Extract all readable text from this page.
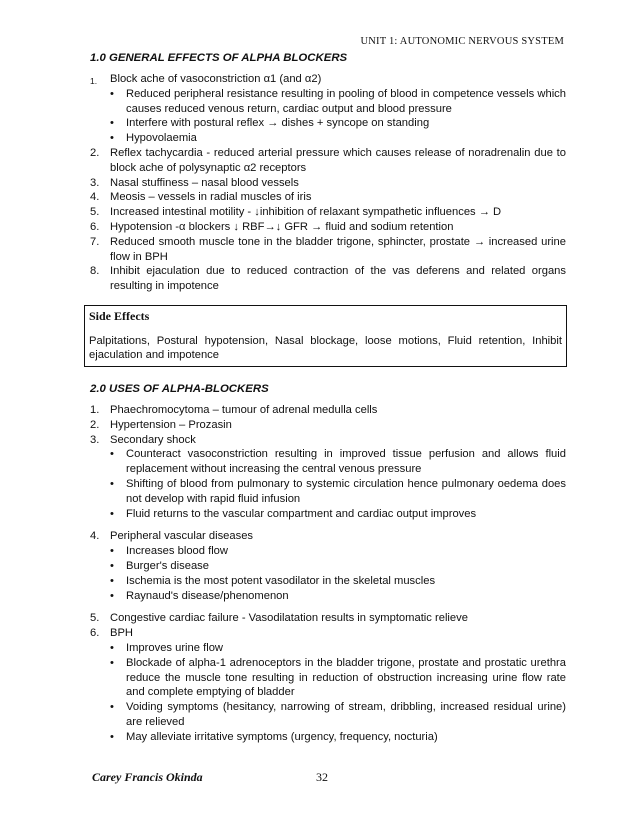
UNIT 1: AUTONOMIC NERVOUS SYSTEM
1.0 GENERAL EFFECTS OF ALPHA BLOCKERS
1. Block ache of vasoconstriction α1 (and α2)
• Reduced peripheral resistance resulting in pooling of blood in competence vessels which causes reduced venous return, cardiac output and blood pressure
• Interfere with postural reflex → dishes + syncope on standing
• Hypovolaemia
2. Reflex tachycardia - reduced arterial pressure which causes release of noradrenalin due to block ache of polysynaptic α2 receptors
3. Nasal stuffiness – nasal blood vessels
4. Meosis – vessels in radial muscles of iris
5. Increased intestinal motility - ↓inhibition of relaxant sympathetic influences → D
6. Hypotension -α blockers ↓ RBF→↓ GFR → fluid and sodium retention
7. Reduced smooth muscle tone in the bladder trigone, sphincter, prostate → increased urine flow in BPH
8. Inhibit ejaculation due to reduced contraction of the vas deferens and related organs resulting in impotence
Side Effects
Palpitations, Postural hypotension, Nasal blockage, loose motions, Fluid retention, Inhibit ejaculation and impotence
2.0 USES OF ALPHA-BLOCKERS
1. Phaechromocytoma – tumour of adrenal medulla cells
2. Hypertension – Prozasin
3. Secondary shock
• Counteract vasoconstriction resulting in improved tissue perfusion and allows fluid replacement without increasing the central venous pressure
• Shifting of blood from pulmonary to systemic circulation hence pulmonary oedema does not develop with rapid fluid infusion
• Fluid returns to the vascular compartment and cardiac output improves
4. Peripheral vascular diseases
• Increases blood flow
• Burger's disease
• Ischemia is the most potent vasodilator in the skeletal muscles
• Raynaud's disease/phenomenon
5. Congestive cardiac failure - Vasodilatation results in symptomatic relieve
6. BPH
• Improves urine flow
• Blockade of alpha-1 adrenoceptors in the bladder trigone, prostate and prostatic urethra reduce the muscle tone resulting in reduction of obstruction increasing urine flow rate and complete emptying of bladder
• Voiding symptoms (hesitancy, narrowing of stream, dribbling, increased residual urine) are relieved
• May alleviate irritative symptoms (urgency, frequency, nocturia)
Carey Francis Okinda	32
